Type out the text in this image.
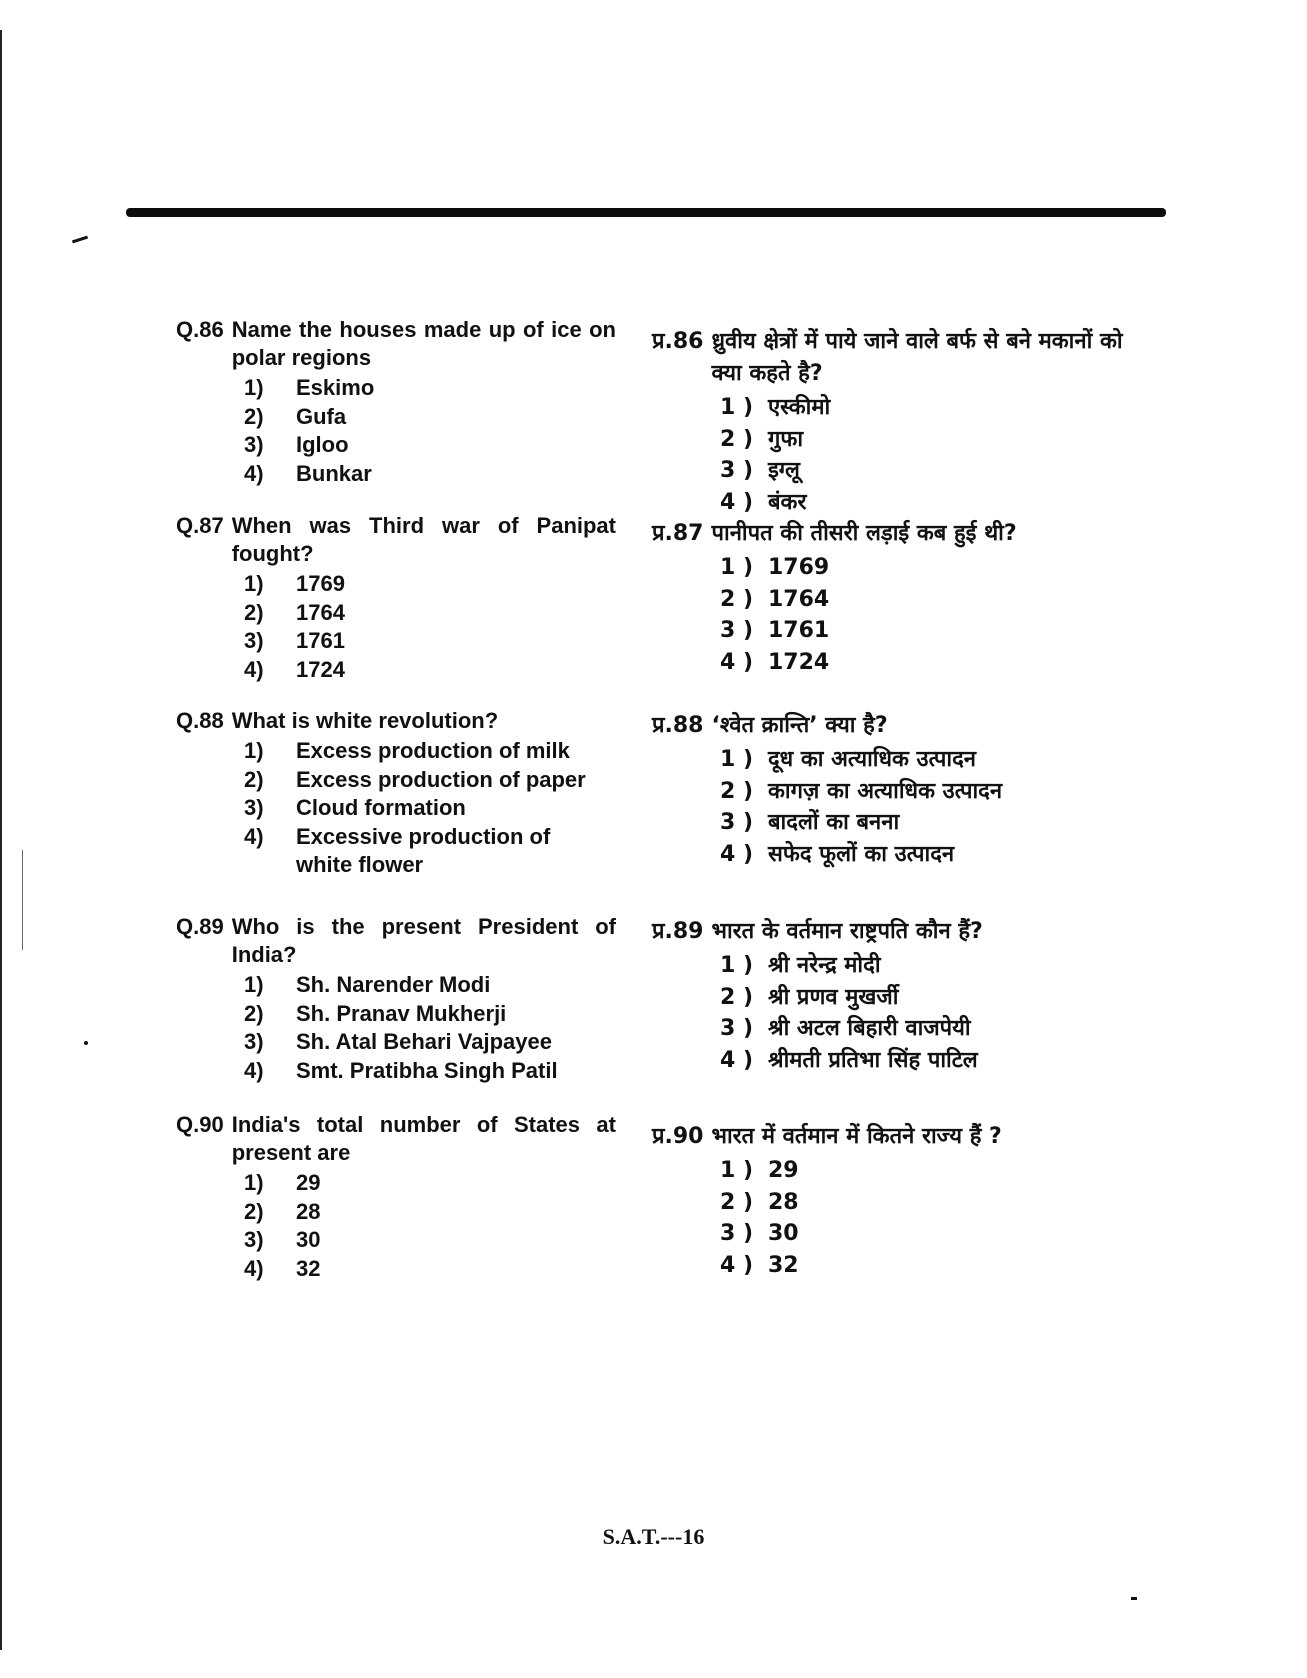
Q.86 Name the houses made up of ice on polar regions
1)	Eskimo
2)	Gufa
3)	Igloo
4)	Bunkar
Q.87 When was Third war of Panipat fought?
1)	1769
2)	1764
3)	1761
4)	1724
Q.88 What is white revolution?
1)	Excess production of milk
2)	Excess production of paper
3)	Cloud formation
4)	Excessive production of white flower
Q.89 Who is the present President of India?
1)	Sh. Narender Modi
2)	Sh. Pranav Mukherji
3)	Sh. Atal Behari Vajpayee
4)	Smt. Pratibha Singh Patil
Q.90 India's total number of States at present are
1)	29
2)	28
3)	30
4)	32
प्र.86 ध्रुवीय क्षेत्रों में पाये जाने वाले बर्फ से बने मकानों को क्या कहते है?
1 ) एस्कीमो
2 ) गुफा
3 ) इग्लू
4 ) बंकर
प्र.87 पानीपत की तीसरी लड़ाई कब हुई थी?
1 ) 1769
2 ) 1764
3 ) 1761
4 ) 1724
प्र.88 ‘श्वेत क्रान्ति’ क्या है?
1 ) दूध का अत्याधिक उत्पादन
2 ) कागज़ का अत्याधिक उत्पादन
3 ) बादलों का बनना
4 ) सफेद फूलों का उत्पादन
प्र.89 भारत के वर्तमान राष्ट्रपति कौन हैं?
1 ) श्री नरेन्द्र मोदी
2 ) श्री प्रणव मुखर्जी
3 ) श्री अटल बिहारी वाजपेयी
4 ) श्रीमती प्रतिभा सिंह पाटिल
प्र.90 भारत में वर्तमान में कितने राज्य हैं ?
1 ) 29
2 ) 28
3 ) 30
4 ) 32
S.A.T.---16
